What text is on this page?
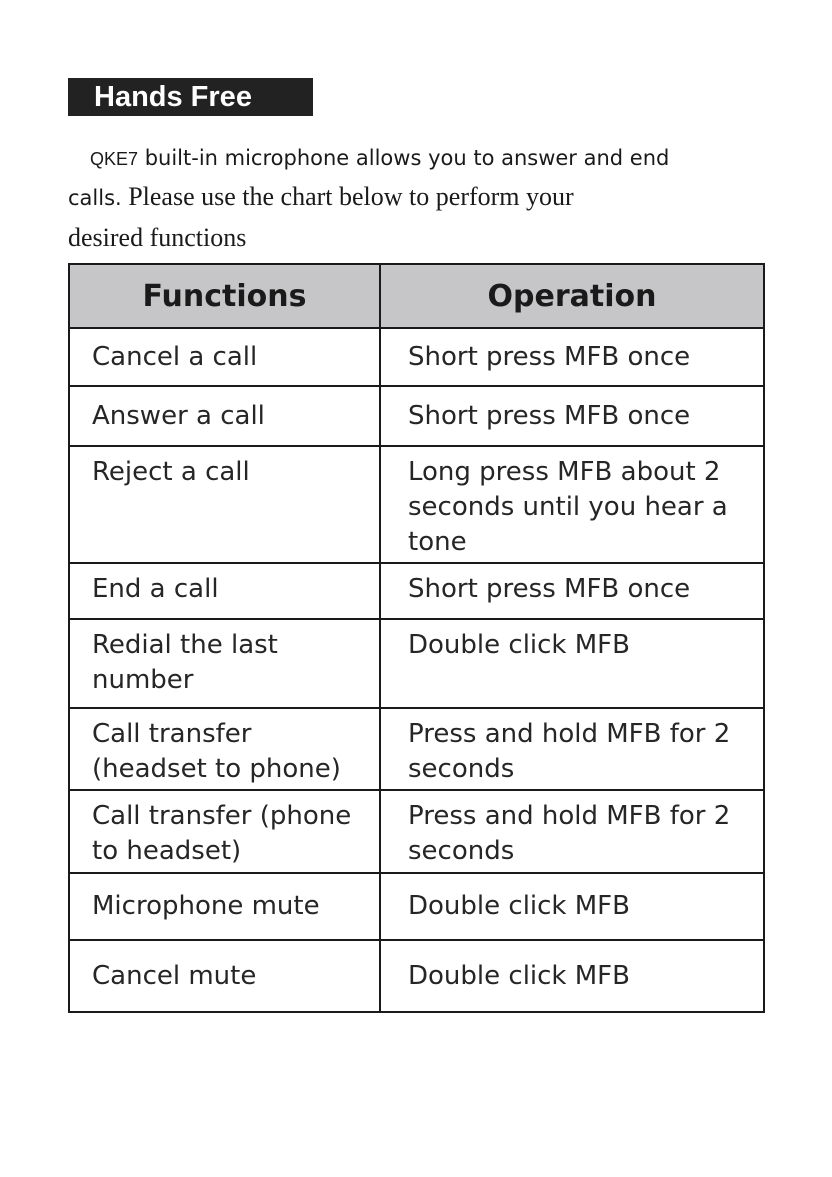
Hands Free
QKE7 built-in microphone allows you to answer and end
calls. Please use the chart below to perform your
desired functions
Functions	Operation
Cancel a call	Short press MFB once
Answer a call	Short press MFB once
Reject a call	Long press MFB about 2 seconds until you hear a tone
End a call	Short press MFB once
Redial the last number	Double click MFB
Call transfer (headset to phone)	Press and hold MFB for 2 seconds
Call transfer (phone to headset)	Press and hold MFB for 2 seconds
Microphone mute	Double click MFB
Cancel mute	Double click MFB
